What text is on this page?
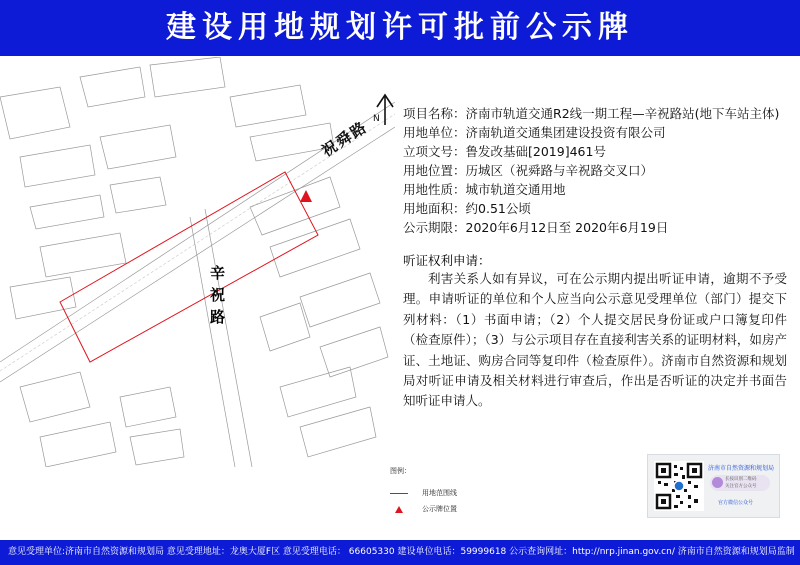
建设用地规划许可批前公示牌
N
祝舜路
辛祝路
项目名称：济南市轨道交通R2线一期工程—辛祝路站(地下车站主体)
用地单位：济南轨道交通集团建设投资有限公司
立项文号：鲁发改基础[2019]461号
用地位置：历城区（祝舜路与辛祝路交叉口）
用地性质：城市轨道交通用地
用地面积：约0.51公顷
公示期限：2020年6月12日至 2020年6月19日
听证权利申请：
利害关系人如有异议，可在公示期内提出听证申请，逾期不予受理。申请听证的单位和个人应当向公示意见受理单位（部门）提交下列材料：（1）书面申请；（2）个人提交居民身份证或户口簿复印件（检查原件）；（3）与公示项目存在直接利害关系的证明材料，如房产证、土地证、购房合同等复印件（检查原件）。济南市自然资源和规划局对听证申请及相关材料进行审查后，作出是否听证的决定并书面告知听证申请人。
图例：
用地范围线
公示牌位置
济南市自然资源和规划局
长按识别二维码
关注官方公众号
官方微信公众号
意见受理单位:济南市自然资源和规划局 意见受理地址：龙奥大厦F区 意见受理电话： 66605330 建设单位电话：59999618 公示查询网址：http://nrp.jinan.gov.cn/ 济南市自然资源和规划局监制
